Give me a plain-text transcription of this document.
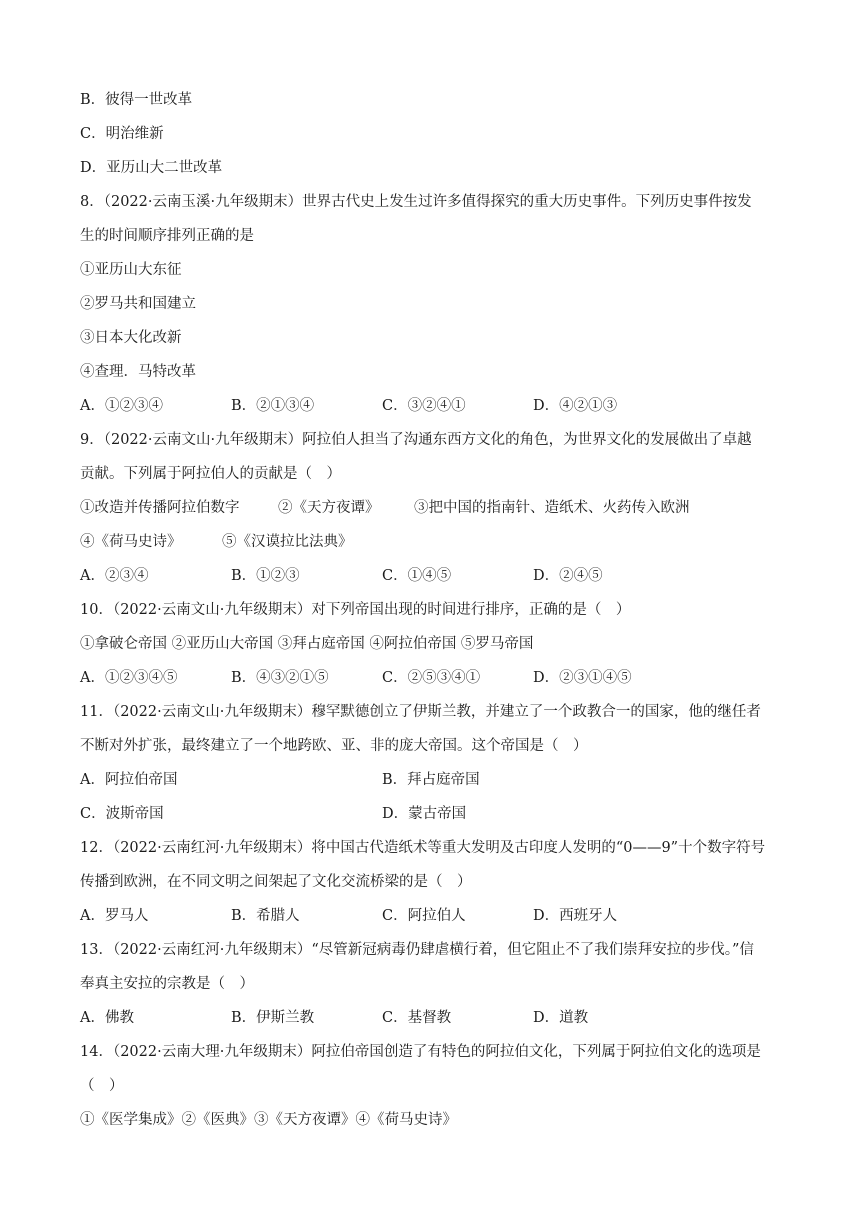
B．彼得一世改革
C．明治维新
D．亚历山大二世改革
8．（2022·云南玉溪·九年级期末）世界古代史上发生过许多值得探究的重大历史事件。下列历史事件按发
生的时间顺序排列正确的是
①亚历山大东征
②罗马共和国建立
③日本大化改新
④查理．马特改革
A．①②③④	B．②①③④	C．③②④①	D．④②①③
9．（2022·云南文山·九年级期末）阿拉伯人担当了沟通东西方文化的角色，为世界文化的发展做出了卓越
贡献。下列属于阿拉伯人的贡献是（　）
①改造并传播阿拉伯数字	②《天方夜谭》 ③把中国的指南针、造纸术、火药传入欧洲
④《荷马史诗》	⑤《汉谟拉比法典》
A．②③④	B．①②③	C．①④⑤	D．②④⑤
10．（2022·云南文山·九年级期末）对下列帝国出现的时间进行排序，正确的是（　）
①拿破仑帝国 ②亚历山大帝国 ③拜占庭帝国 ④阿拉伯帝国 ⑤罗马帝国
A．①②③④⑤	B．④③②①⑤	C．②⑤③④①	D．②③①④⑤
11．（2022·云南文山·九年级期末）穆罕默德创立了伊斯兰教，并建立了一个政教合一的国家，他的继任者
不断对外扩张，最终建立了一个地跨欧、亚、非的庞大帝国。这个帝国是（　）
A．阿拉伯帝国	B．拜占庭帝国
C．波斯帝国	D．蒙古帝国
12．（2022·云南红河·九年级期末）将中国古代造纸术等重大发明及古印度人发明的“0——9”十个数字符号
传播到欧洲，在不同文明之间架起了文化交流桥梁的是（　）
A．罗马人	B．希腊人	C．阿拉伯人	D．西班牙人
13．（2022·云南红河·九年级期末）“尽管新冠病毒仍肆虐横行着，但它阻止不了我们崇拜安拉的步伐。”信
奉真主安拉的宗教是（　）
A．佛教	B．伊斯兰教	C．基督教	D．道教
14．（2022·云南大理·九年级期末）阿拉伯帝国创造了有特色的阿拉伯文化，下列属于阿拉伯文化的选项是
（　）
①《医学集成》②《医典》③《天方夜谭》④《荷马史诗》
